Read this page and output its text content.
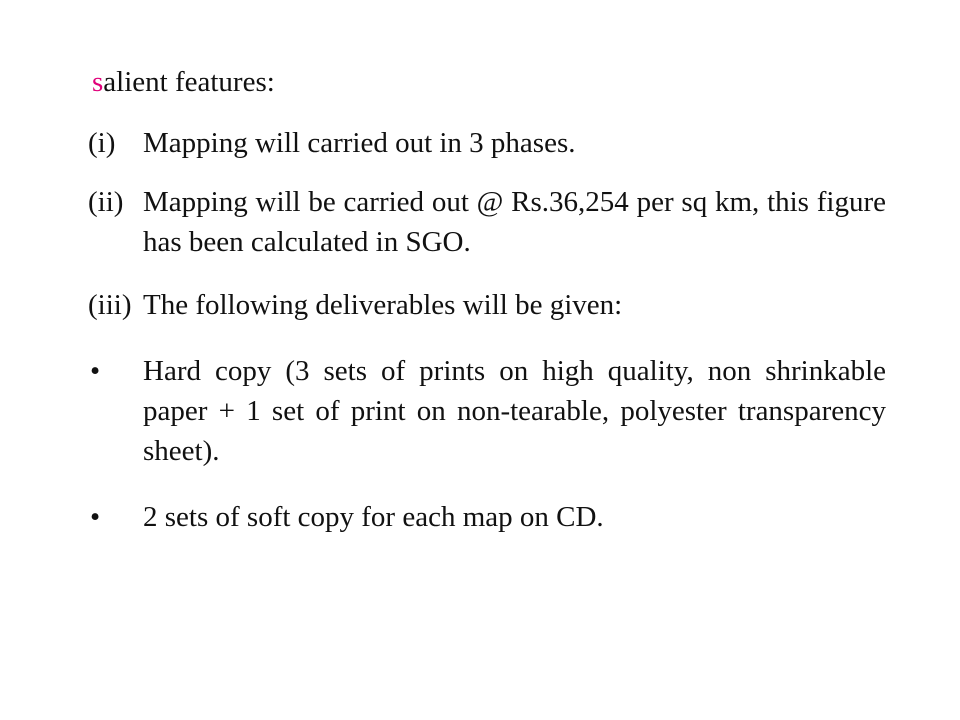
salient features:
(i) Mapping will carried out in 3 phases.
(ii) Mapping will be carried out @ Rs.36,254 per sq km, this figure has been calculated in SGO.
(iii) The following deliverables will be given:
• Hard copy (3 sets of prints on high quality, non shrinkable paper + 1 set of print on non-tearable, polyester transparency sheet).
• 2 sets of soft copy for each map on CD.
